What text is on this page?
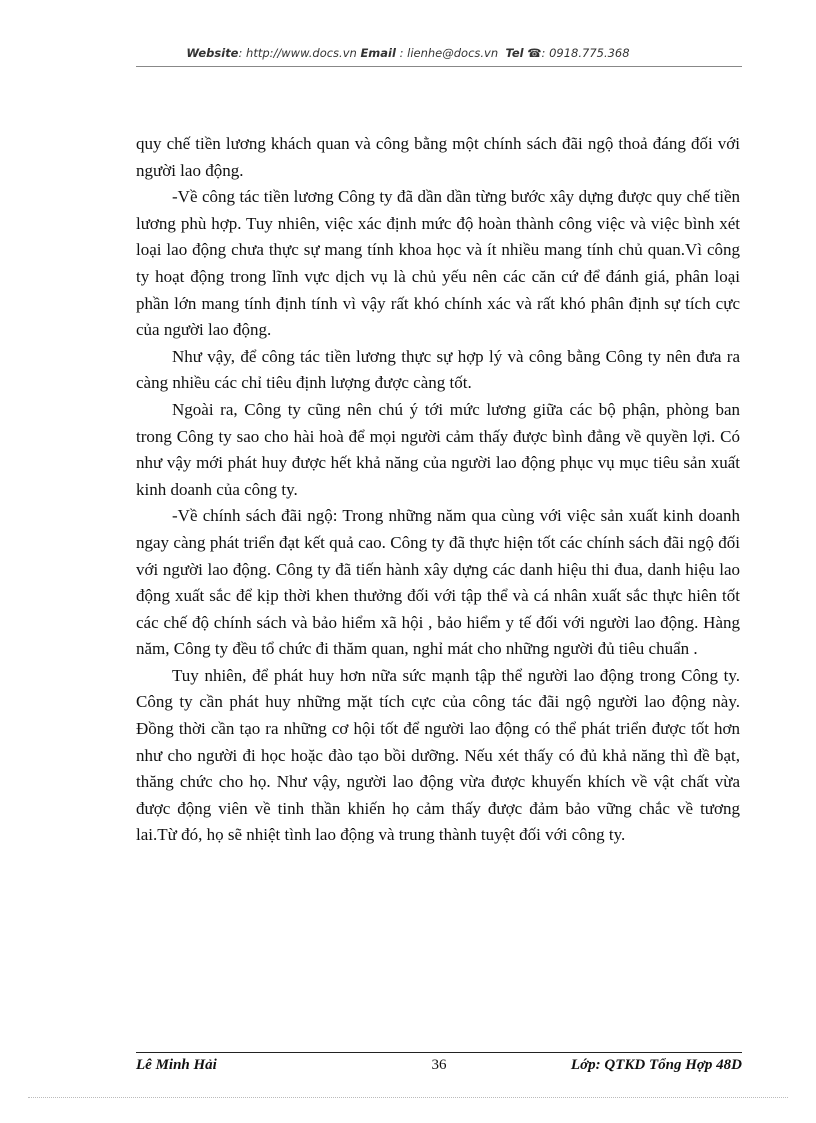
Website: http://www.docs.vn Email : lienhe@docs.vn Tel ☎: 0918.775.368

quy chế tiền lương khách quan và công bằng một chính sách đãi ngộ thoả đáng đối với người lao động.

-Về công tác tiền lương Công ty đã dần dần từng bước xây dựng được quy chế tiền lương phù hợp. Tuy nhiên, việc xác định mức độ hoàn thành công việc và việc bình xét loại lao động chưa thực sự mang tính khoa học và ít nhiều mang tính chủ quan.Vì công ty hoạt động trong lĩnh vực dịch vụ là chủ yếu nên các căn cứ để đánh giá, phân loại phần lớn mang tính định tính vì vậy rất khó chính xác và rất khó phân định sự tích cực của người lao động.

Như vậy, để công tác tiền lương thực sự hợp lý và công bằng Công ty nên đưa ra càng nhiều các chỉ tiêu định lượng được càng tốt.

Ngoài ra, Công ty cũng nên chú ý tới mức lương giữa các bộ phận, phòng ban trong Công ty sao cho hài hoà để mọi người cảm thấy được bình đẳng về quyền lợi. Có như vậy mới phát huy được hết khả năng của người lao động phục vụ mục tiêu sản xuất kinh doanh của công ty.

-Về chính sách đãi ngộ: Trong những năm qua cùng với việc sản xuất kinh doanh ngay càng phát triển đạt kết quả cao. Công ty đã thực hiện tốt các chính sách đãi ngộ đối với người lao động. Công ty đã tiến hành xây dựng các danh hiệu thi đua, danh hiệu lao động xuất sắc để kịp thời khen thưởng đối với tập thể và cá nhân xuất sắc thực hiên tốt các chế độ chính sách và bảo hiểm xã hội , bảo hiểm y tế đối với người lao động. Hàng năm, Công ty đều tổ chức đi thăm quan, nghỉ mát cho những người đủ tiêu chuẩn .

Tuy nhiên, để phát huy hơn nữa sức mạnh tập thể người lao động trong Công ty. Công ty cần phát huy những mặt tích cực của công tác đãi ngộ người lao động này. Đồng thời cần tạo ra những cơ hội tốt để người lao động có thể phát triển được tốt hơn như cho người đi học hoặc đào tạo bồi dưỡng. Nếu xét thấy có đủ khả năng thì đề bạt, thăng chức cho họ. Như vậy, người lao động vừa được khuyến khích về vật chất vừa được động viên về tinh thần khiến họ cảm thấy được đảm bảo vững chắc về tương lai.Từ đó, họ sẽ nhiệt tình lao động và trung thành tuyệt đối với công ty.

Lê Minh Hải	36	Lớp: QTKD Tổng Hợp 48D
